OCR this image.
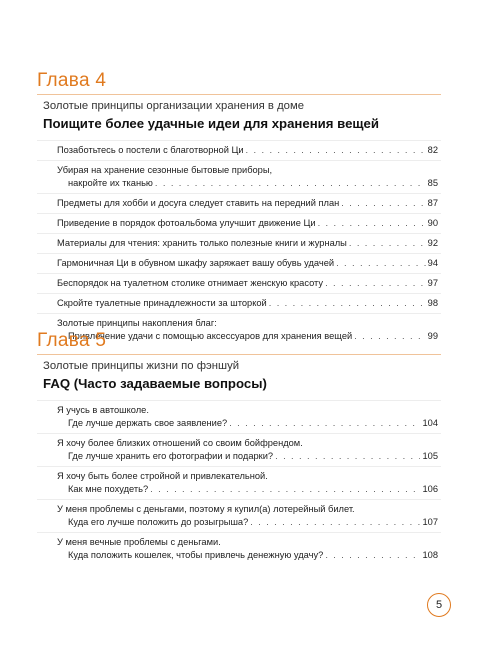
Глава 4
Золотые принципы организации хранения в доме
Поищите более удачные идеи для хранения вещей
Позаботьтесь о постели с благотворной Ци . . .	82
Убирая на хранение сезонные бытовые приборы,
накройте их тканью . . .	85
Предметы для хобби и досуга следует ставить на передний план . . .	87
Приведение в порядок фотоальбома улучшит движение Ци . . .	90
Материалы для чтения: хранить только полезные книги и журналы . . .	92
Гармоничная Ци в обувном шкафу заряжает вашу обувь удачей . . .	94
Беспорядок на туалетном столике отнимает женскую красоту . . .	97
Скройте туалетные принадлежности за шторкой . . .	98
Золотые принципы накопления благ:
Привлечение удачи с помощью аксессуаров для хранения вещей . . .	99
Глава 5
Золотые принципы жизни по фэншуй
FAQ (Часто задаваемые вопросы)
Я учусь в автошколе.
Где лучше держать свое заявление? . . .	104
Я хочу более близких отношений со своим бойфрендом.
Где лучше хранить его фотографии и подарки? . . .	105
Я хочу быть более стройной и привлекательной.
Как мне похудеть? . . .	106
У меня проблемы с деньгами, поэтому я купил(а) лотерейный билет.
Куда его лучше положить до розыгрыша? . . .	107
У меня вечные проблемы с деньгами.
Куда положить кошелек, чтобы привлечь денежную удачу? . . .	108
5
